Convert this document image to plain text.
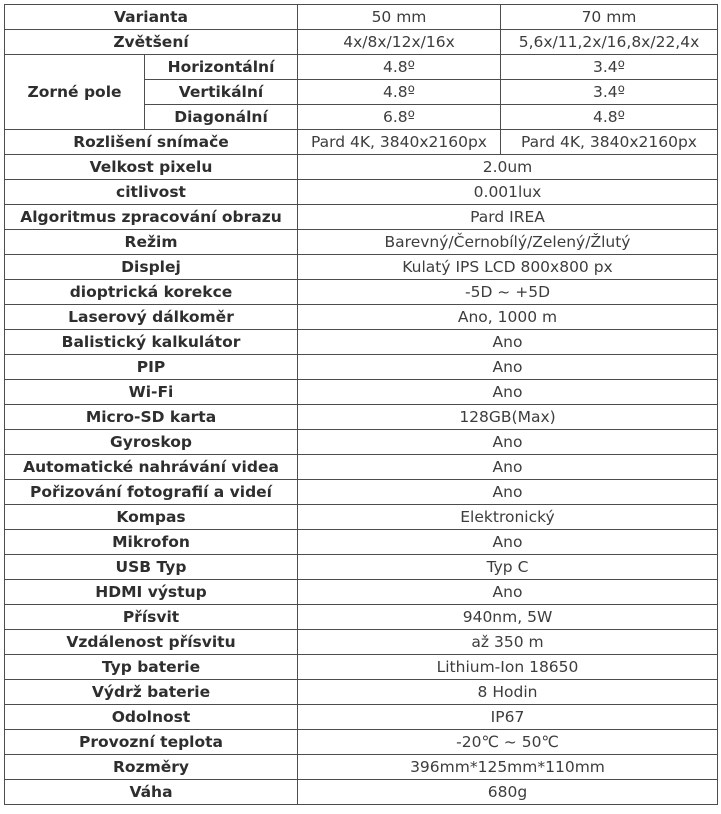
Varianta		50 mm	70 mm
Zvětšení		4x/8x/12x/16x	5,6x/11,2x/16,8x/22,4x
Zorné pole	Horizontální	4.8º	3.4º
	Vertikální	4.8º	3.4º
	Diagonální	6.8º	4.8º
Rozlišení snímače		Pard 4K, 3840x2160px	Pard 4K, 3840x2160px
Velkost pixelu		2.0um	
citlivost		0.001lux	
Algoritmus zpracování obrazu		Pard IREA	
Režim		Barevný/Černobílý/Zelený/Žlutý	
Displej		Kulatý IPS LCD 800x800 px	
dioptrická korekce		-5D ~ +5D	
Laserový dálkoměr		Ano, 1000 m	
Balistický kalkulátor		Ano	
PIP		Ano	
Wi-Fi		Ano	
Micro-SD karta		128GB(Max)	
Gyroskop		Ano	
Automatické nahrávání videa		Ano	
Pořizování fotografií a videí		Ano	
Kompas		Elektronický	
Mikrofon		Ano	
USB Typ		Typ C	
HDMI výstup		Ano	
Přísvit		940nm, 5W	
Vzdálenost přísvitu		až 350 m	
Typ baterie		Lithium-Ion 18650	
Výdrž baterie		8 Hodin	
Odolnost		IP67	
Provozní teplota		-20℃ ~ 50℃	
Rozměry		396mm*125mm*110mm	
Váha		680g	
